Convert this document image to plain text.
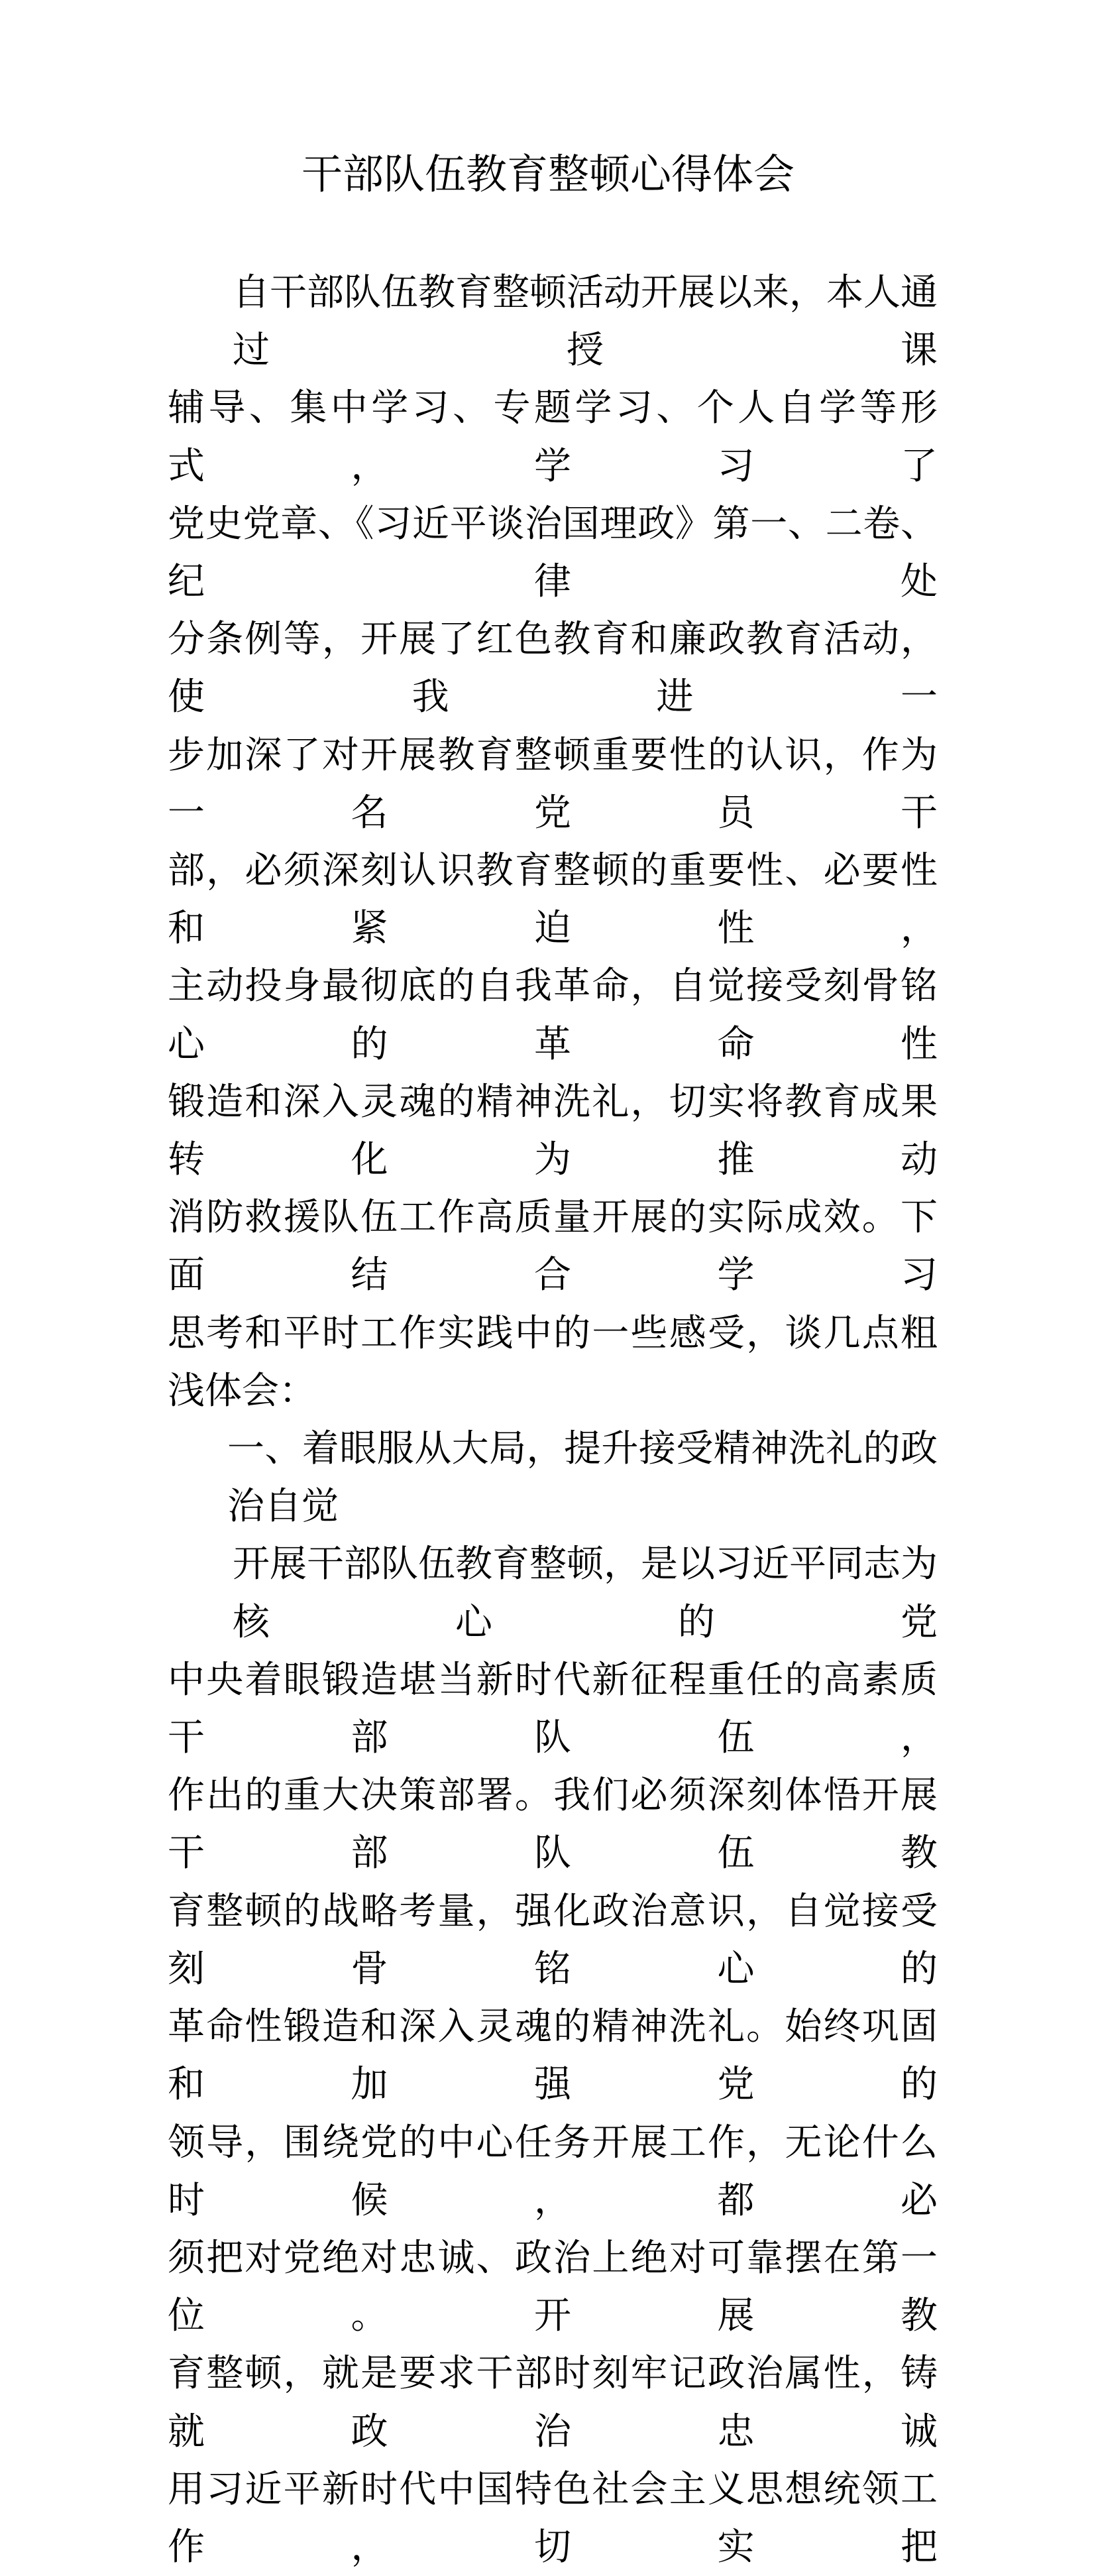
干部队伍教育整顿心得体会
自干部队伍教育整顿活动开展以来，本人通过授课
辅导、集中学习、专题学习、个人自学等形式，学习了
党史党章、《习近平谈治国理政》第一、二卷、纪律处
分条例等，开展了红色教育和廉政教育活动，使我进一
步加深了对开展教育整顿重要性的认识，作为一名党员干
部，必须深刻认识教育整顿的重要性、必要性和紧迫性，
主动投身最彻底的自我革命，自觉接受刻骨铭心的革命性
锻造和深入灵魂的精神洗礼，切实将教育成果转化为推动
消防救援队伍工作高质量开展的实际成效。下面结合学习
思考和平时工作实践中的一些感受，谈几点粗浅体会：
一、着眼服从大局，提升接受精神洗礼的政治自觉
开展干部队伍教育整顿，是以习近平同志为核心的党
中央着眼锻造堪当新时代新征程重任的高素质干部队伍，
作出的重大决策部署。我们必须深刻体悟开展干部队伍教
育整顿的战略考量，强化政治意识，自觉接受刻骨铭心的
革命性锻造和深入灵魂的精神洗礼。始终巩固和加强党的
领导，围绕党的中心任务开展工作，无论什么时候，都必
须把对党绝对忠诚、政治上绝对可靠摆在第一位。开展教
育整顿，就是要求干部时刻牢记政治属性，铸就政治忠诚
用习近平新时代中国特色社会主义思想统领工作，切实把
